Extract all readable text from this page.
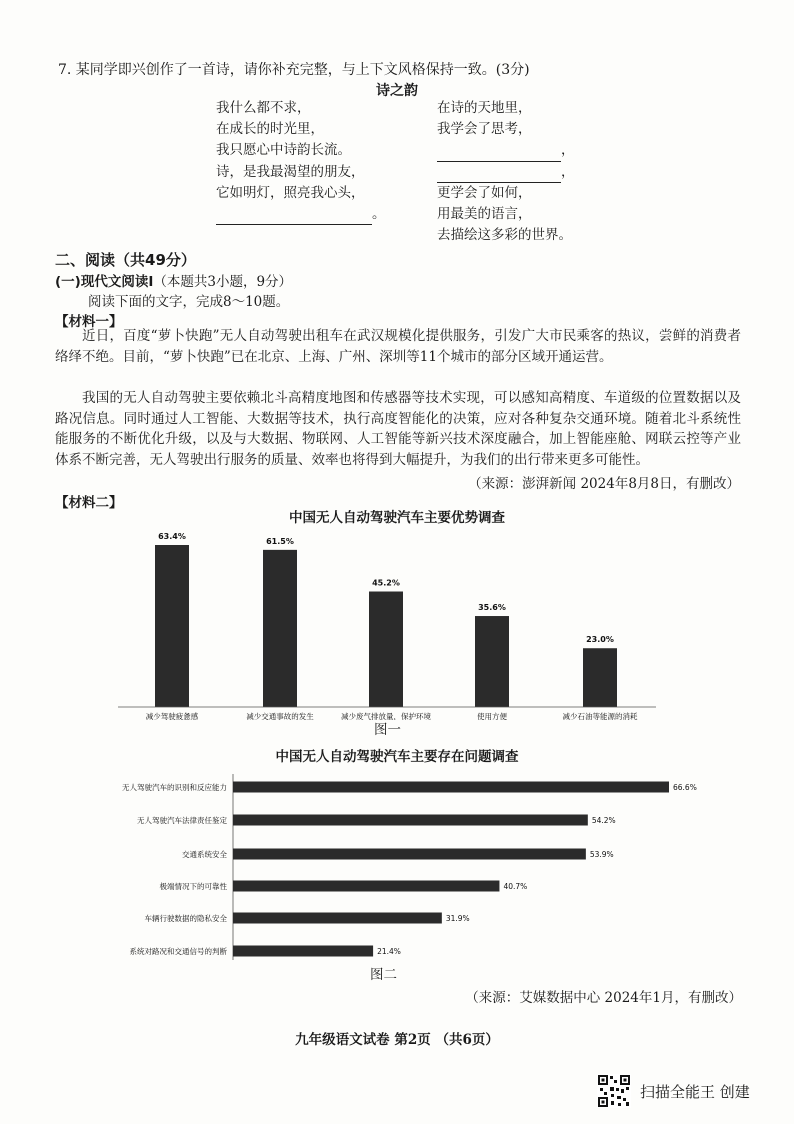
7. 某同学即兴创作了一首诗，请你补充完整，与上下文风格保持一致。(3分)
诗之韵
我什么都不求，
在成长的时光里，
我只愿心中诗韵长流。
诗，是我最渴望的朋友，
它如明灯，照亮我心头，
。
在诗的天地里，
我学会了思考，
，
，
更学会了如何，
用最美的语言，
去描绘这多彩的世界。
二、阅读（共49分）
(一)现代文阅读Ⅰ（本题共3小题，9分）
阅读下面的文字，完成8～10题。
【材料一】
近日，百度“萝卜快跑”无人自动驾驶出租车在武汉规模化提供服务，引发广大市民乘客的热议，尝鲜的消费者络绎不绝。目前，“萝卜快跑”已在北京、上海、广州、深圳等11个城市的部分区域开通运营。
我国的无人自动驾驶主要依赖北斗高精度地图和传感器等技术实现，可以感知高精度、车道级的位置数据以及路况信息。同时通过人工智能、大数据等技术，执行高度智能化的决策，应对各种复杂交通环境。随着北斗系统性能服务的不断优化升级，以及与大数据、物联网、人工智能等新兴技术深度融合，加上智能座舱、网联云控等产业体系不断完善，无人驾驶出行服务的质量、效率也将得到大幅提升，为我们的出行带来更多可能性。
（来源：澎湃新闻 2024年8月8日，有删改）
【材料二】
中国无人自动驾驶汽车主要优势调查
63.4%
减少驾驶疲惫感
61.5%
减少交通事故的发生
45.2%
减少废气排放量，保护环境
35.6%
使用方便
23.0%
减少石油等能源的消耗
图一
中国无人自动驾驶汽车主要存在问题调查
无人驾驶汽车的识别和反应能力	66.6%
无人驾驶汽车法律责任鉴定	54.2%
交通系统安全	53.9%
极端情况下的可靠性	40.7%
车辆行驶数据的隐私安全	31.9%
系统对路况和交通信号的判断	21.4%
图二
（来源：艾媒数据中心 2024年1月，有删改）
九年级语文试卷 第2页 （共6页）
扫描全能王 创建
